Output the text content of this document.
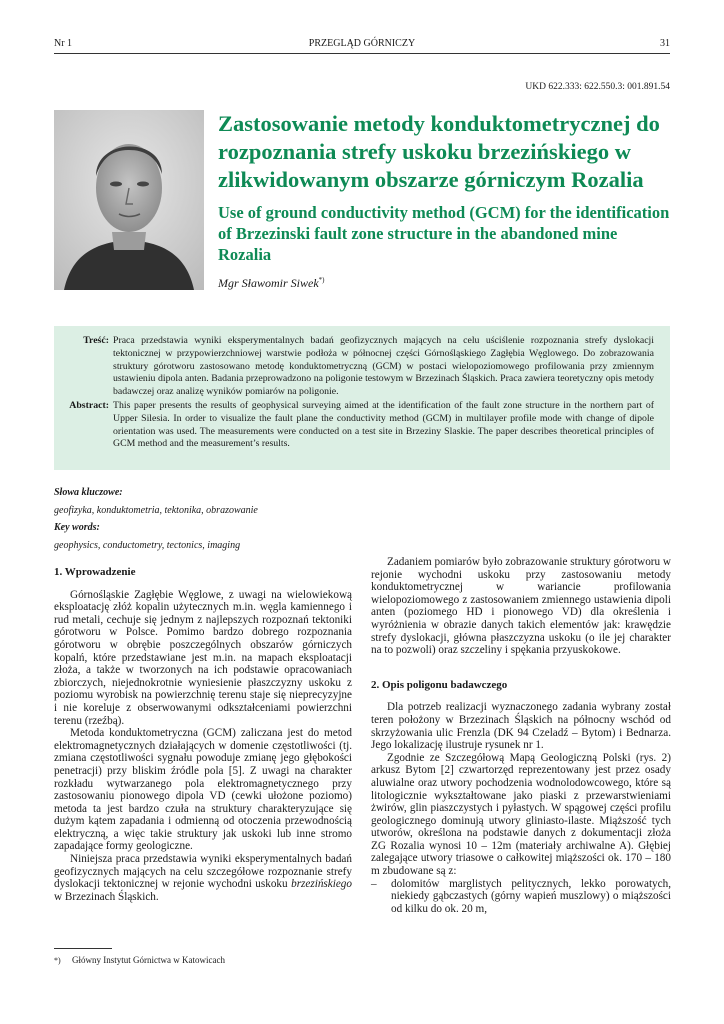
Nr 1	PRZEGLĄD GÓRNICZY	31
UKD 622.333: 622.550.3: 001.891.54
Zastosowanie metody konduktometrycznej do rozpoznania strefy uskoku brzezińskiego w zlikwidowanym obszarze górniczym Rozalia
Use of ground conductivity method (GCM) for the identification of Brzezinski fault zone structure in the abandoned mine Rozalia
Mgr Sławomir Siwek*)
Treść: Praca przedstawia wyniki eksperymentalnych badań geofizycznych mających na celu uściślenie rozpoznania strefy dyslokacji tektonicznej w przypowierzchniowej warstwie podłoża w północnej części Górnośląskiego Zagłębia Węglowego. Do zobrazowania struktury górotworu zastosowano metodę konduktometryczną (GCM) w postaci wielopoziomowego profilowania przy zmiennym ustawieniu dipola anten. Badania przeprowadzono na poligonie testowym w Brzezinach Śląskich. Praca zawiera teoretyczny opis metody badawczej oraz analizę wyników pomiarów na poligonie.
Abstract: This paper presents the results of geophysical surveying aimed at the identification of the fault zone structure in the northern part of Upper Silesia. In order to visualize the fault plane the conductivity method (GCM) in multilayer profile mode with change of dipole orientation was used. The measurements were conducted on a test site in Brzeziny Slaskie. The paper describes theoretical principles of GCM method and the measurement’s results.
Słowa kluczowe:
geofizyka, konduktometria, tektonika, obrazowanie
Key words:
geophysics, conductometry, tectonics, imaging
1. Wprowadzenie
Górnośląskie Zagłębie Węglowe, z uwagi na wielowiekową eksploatację złóż kopalin użytecznych m.in. węgla kamiennego i rud metali, cechuje się jednym z najlepszych rozpoznań tektoniki górotworu w Polsce. Pomimo bardzo dobrego rozpoznania górotworu w obrębie poszczególnych obszarów górniczych kopalń, które przedstawiane jest m.in. na mapach eksploatacji złoża, a także w tworzonych na ich podstawie opracowaniach zbiorczych, niejednokrotnie wyniesienie płaszczyzny uskoku z poziomu wyrobisk na powierzchnię terenu staje się nieprecyzyjne i nie koreluje z obserwowanymi odkształceniami powierzchni terenu (rzeźbą).
Metoda konduktometryczna (GCM) zaliczana jest do metod elektromagnetycznych działających w domenie częstotliwości (tj. zmiana częstotliwości sygnału powoduje zmianę jego głębokości penetracji) przy bliskim źródle pola [5]. Z uwagi na charakter rozkładu wytwarzanego pola elektromagnetycznego przy zastosowaniu pionowego dipola VD (cewki ułożone poziomo) metoda ta jest bardzo czuła na struktury charakteryzujące się dużym kątem zapadania i odmienną od otoczenia przewodnością elektryczną, a więc takie struktury jak uskoki lub inne stromo zapadające formy geologiczne.
Niniejsza praca przedstawia wyniki eksperymentalnych badań geofizycznych mających na celu szczegółowe rozpoznanie strefy dyslokacji tektonicznej w rejonie wychodni uskoku brzezińskiego w Brzezinach Śląskich.
Zadaniem pomiarów było zobrazowanie struktury górotworu w rejonie wychodni uskoku przy zastosowaniu metody konduktometrycznej w wariancie profilowania wielopoziomowego z zastosowaniem zmiennego ustawienia dipoli anten (poziomego HD i pionowego VD) dla określenia i wyróżnienia w obrazie danych takich elementów jak: krawędzie strefy dyslokacji, główna płaszczyzna uskoku (o ile jej charakter na to pozwoli) oraz szczeliny i spękania przyuskokowe.
2. Opis poligonu badawczego
Dla potrzeb realizacji wyznaczonego zadania wybrany został teren położony w Brzezinach Śląskich na północny wschód od skrzyżowania ulic Frenzla (DK 94 Czeladź – Bytom) i Bednarza. Jego lokalizację ilustruje rysunek nr 1.
Zgodnie ze Szczegółową Mapą Geologiczną Polski (rys. 2) arkusz Bytom [2] czwartorzęd reprezentowany jest przez osady aluwialne oraz utwory pochodzenia wodnolodowcowego, które są litologicznie wykształtowane jako piaski z przewarstwieniami żwirów, glin piaszczystych i pyłastych. W spągowej części profilu geologicznego dominują utwory gliniasto-ilaste. Miąższość tych utworów, określona na podstawie danych z dokumentacji złoża ZG Rozalia wynosi 10 – 12m (materiały archiwalne A). Głębiej zalegające utwory triasowe o całkowitej miąższości ok. 170 – 180 m zbudowane są z:
–	dolomitów marglistych pelitycznych, lekko porowatych, niekiedy gąbczastych (górny wapień muszlowy) o miąższości od kilku do ok. 20 m,
*) Główny Instytut Górnictwa w Katowicach
